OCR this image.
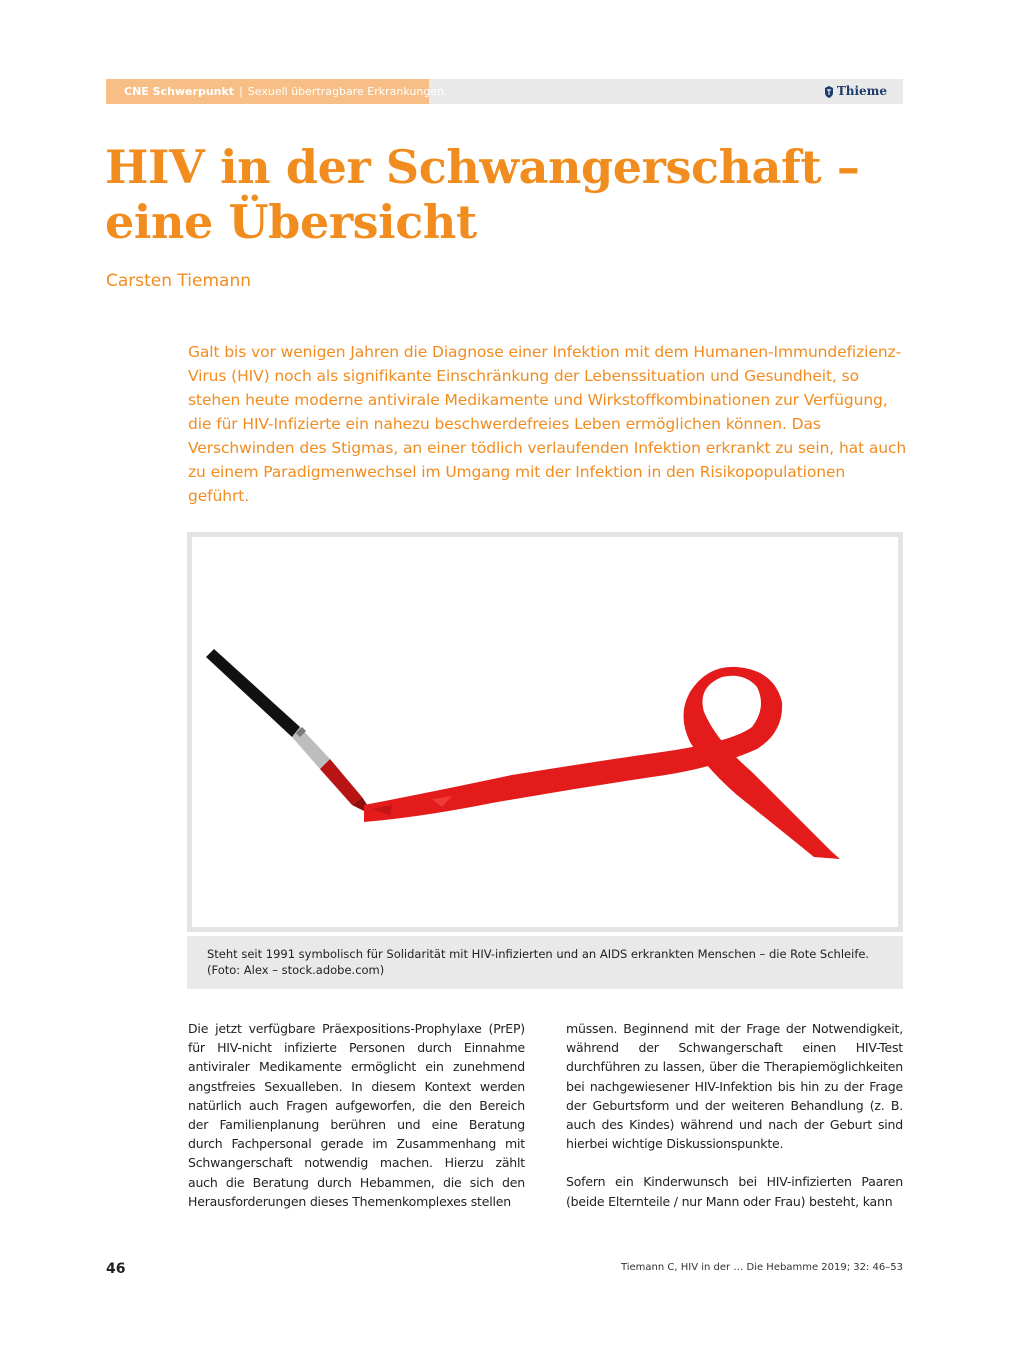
CNE Schwerpunkt | Sexuell übertragbare Erkrankungen	Thieme
HIV in der Schwangerschaft – eine Übersicht
Carsten Tiemann

Galt bis vor wenigen Jahren die Diagnose einer Infektion mit dem Humanen-Immundefizienz-Virus (HIV) noch als signifikante Einschränkung der Lebenssituation und Gesundheit, so stehen heute moderne antivirale Medikamente und Wirkstoffkombinationen zur Verfügung, die für HIV-Infizierte ein nahezu beschwerdefreies Leben ermöglichen können. Das Verschwinden des Stigmas, an einer tödlich verlaufenden Infektion erkrankt zu sein, hat auch zu einem Paradigmenwechsel im Umgang mit der Infektion in den Risikopopulationen geführt.

Steht seit 1991 symbolisch für Solidarität mit HIV-infizierten und an AIDS erkrankten Menschen – die Rote Schleife. (Foto: Alex – stock.adobe.com)

Die jetzt verfügbare Präexpositions-Prophylaxe (PrEP) für HIV-nicht infizierte Personen durch Einnahme antiviraler Medikamente ermöglicht ein zunehmend angstfreies Sexualleben. In diesem Kontext werden natürlich auch Fragen aufgeworfen, die den Bereich der Familienplanung berühren und eine Beratung durch Fachpersonal gerade im Zusammenhang mit Schwangerschaft notwendig machen. Hierzu zählt auch die Beratung durch Hebammen, die sich den Herausforderungen dieses Themenkomplexes stellen

müssen. Beginnend mit der Frage der Notwendigkeit, während der Schwangerschaft einen HIV-Test durchführen zu lassen, über die Therapiemöglichkeiten bei nachgewiesener HIV-Infektion bis hin zu der Frage der Geburtsform und der weiteren Behandlung (z. B. auch des Kindes) während und nach der Geburt sind hierbei wichtige Diskussionspunkte.

Sofern ein Kinderwunsch bei HIV-infizierten Paaren (beide Elternteile / nur Mann oder Frau) besteht, kann

46	Tiemann C, HIV in der … Die Hebamme 2019; 32: 46–53
